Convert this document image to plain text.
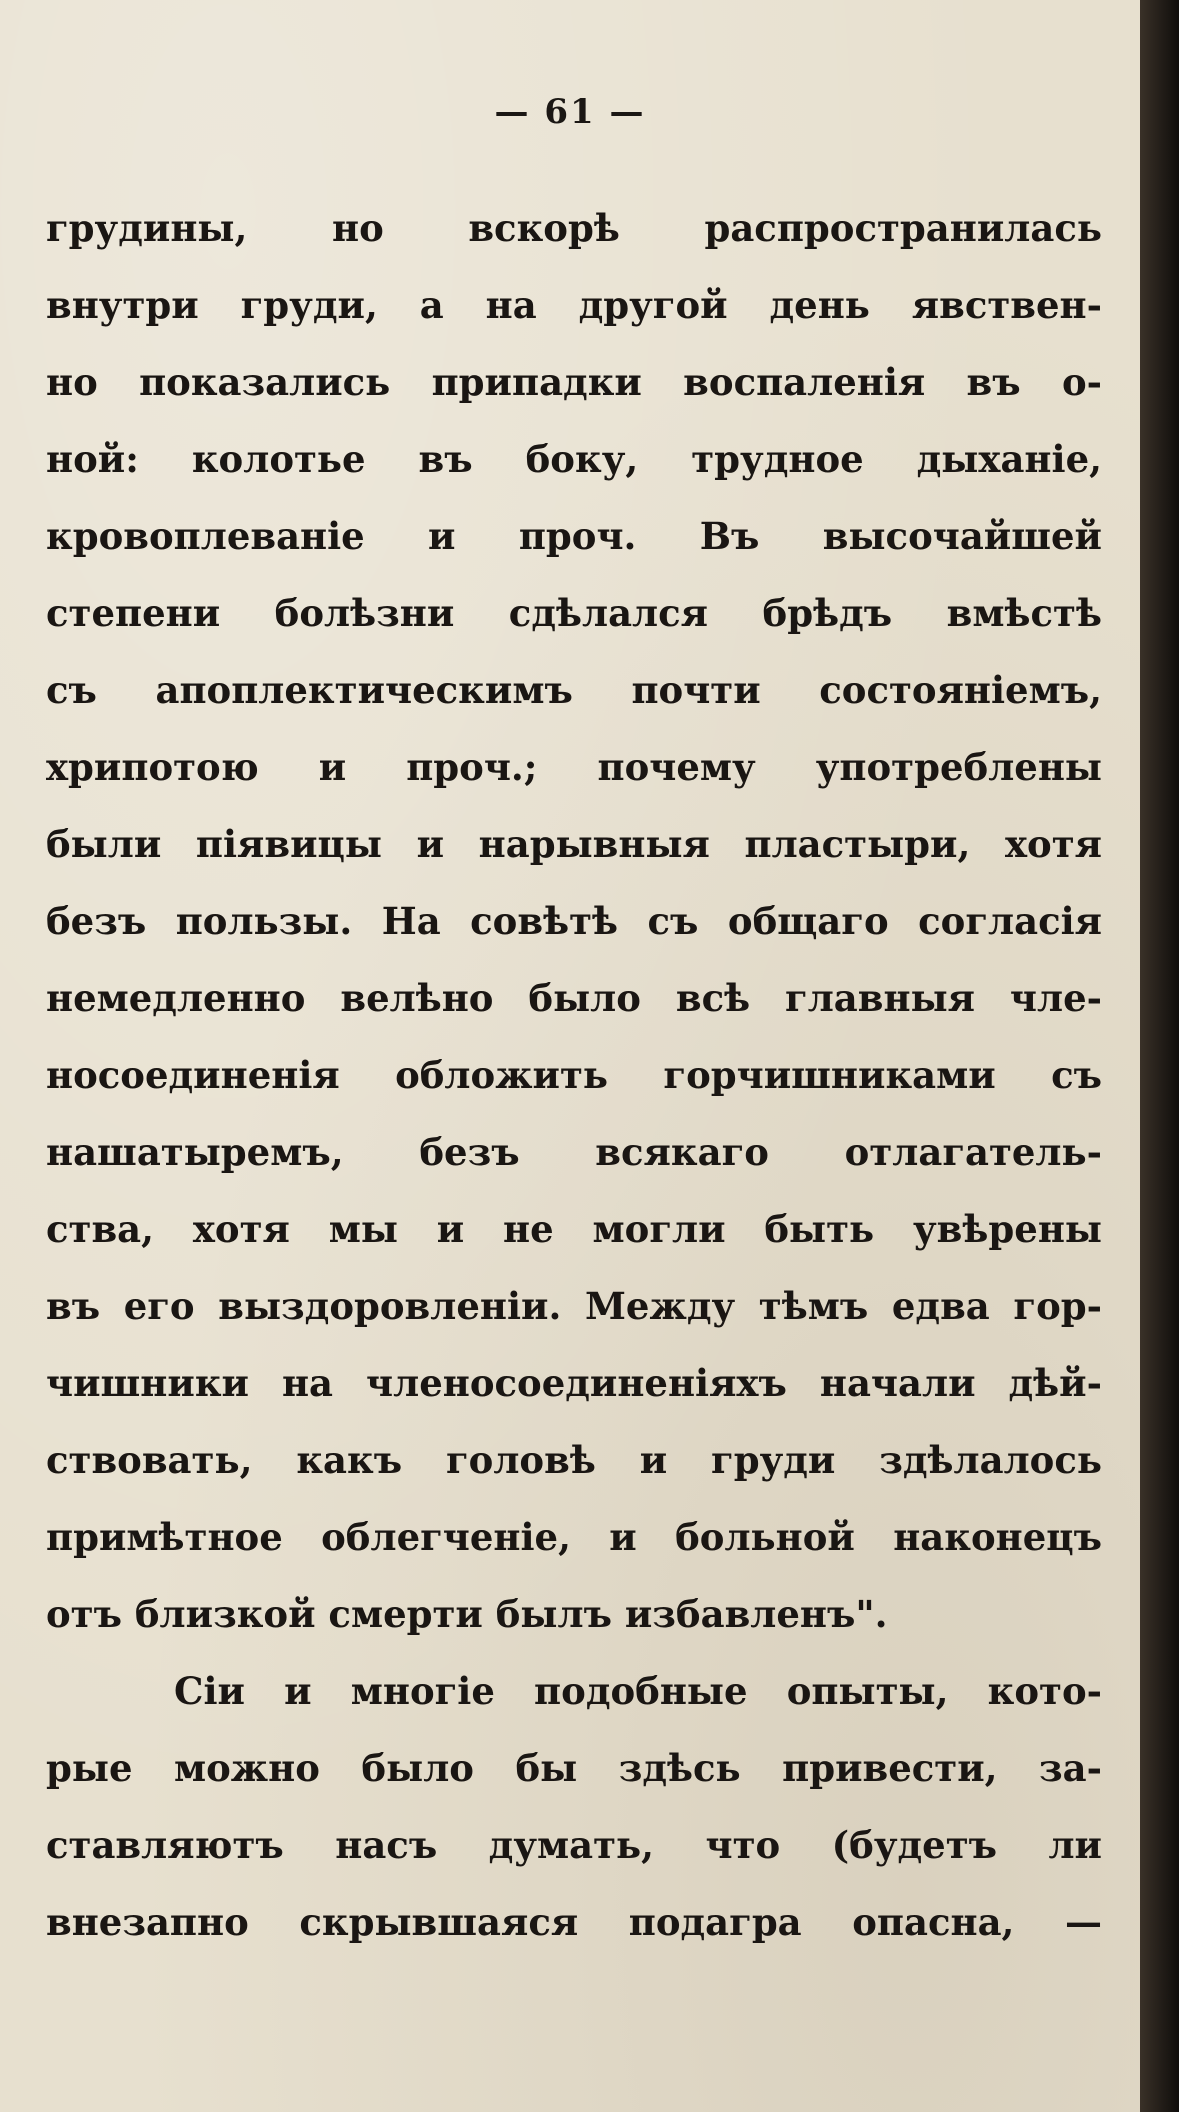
— 61 —
грудины, но вскорѣ распространилась
внутри груди, а на другой день явствен-
но показались припадки воспаленія въ о-
ной: колотье въ боку, трудное дыханіе,
кровоплеваніе и проч. Въ высочайшей
степени болѣзни сдѣлался брѣдъ вмѣстѣ
съ апоплектическимъ почти состояніемъ,
хрипотою и проч.; почему употреблены
были піявицы и нарывныя пластыри, хотя
безъ пользы. На совѣтѣ съ общаго согласія
немедленно велѣно было всѣ главныя чле-
носоединенія обложить горчишниками съ
нашатыремъ, безъ всякаго отлагатель-
ства, хотя мы и не могли быть увѣрены
въ его выздоровленіи. Между тѣмъ едва гор-
чишники на членосоединеніяхъ начали дѣй-
ствовать, какъ головѣ и груди здѣлалось
примѣтное облегченіе, и больной наконецъ
отъ близкой смерти былъ избавленъ".
Сіи и многіе подобные опыты, кото-
рые можно было бы здѣсь привести, за-
ставляютъ насъ думать, что (будетъ ли
внезапно скрывшаяся подагра опасна, —
